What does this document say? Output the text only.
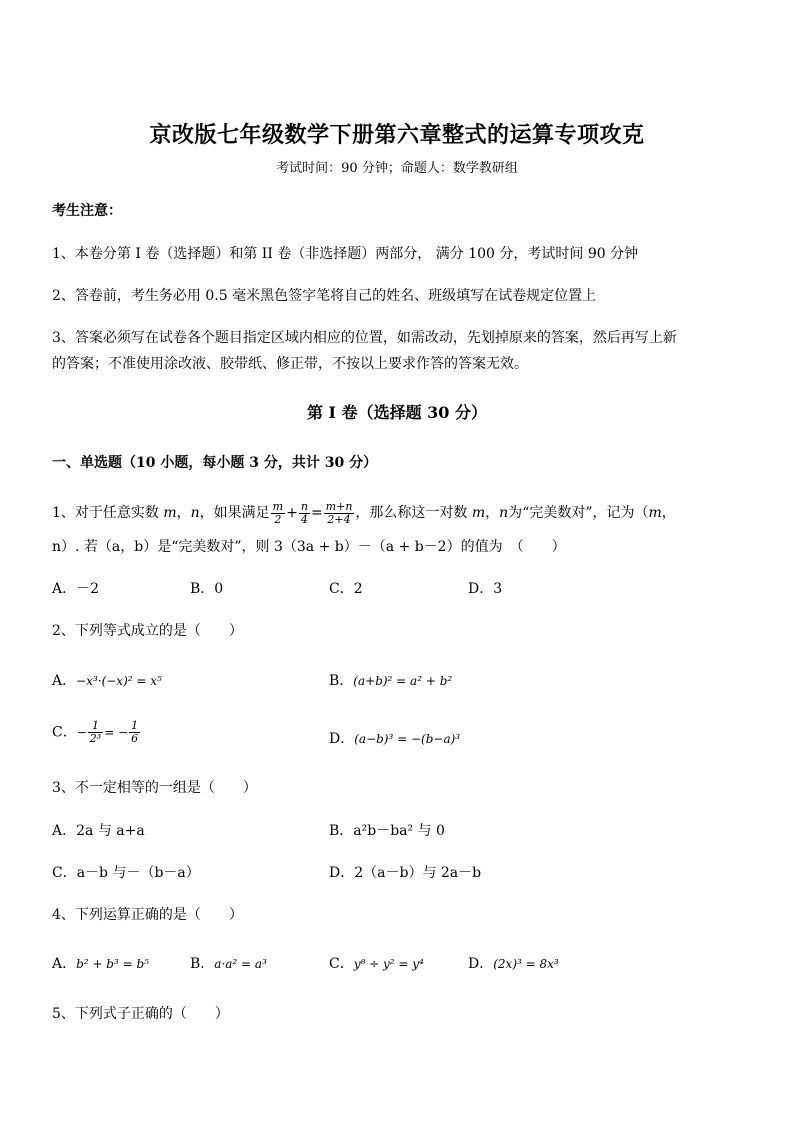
京改版七年级数学下册第六章整式的运算专项攻克
考试时间：90 分钟；命题人：数学教研组
考生注意：
1、本卷分第 I 卷（选择题）和第 II 卷（非选择题）两部分， 满分 100 分，考试时间 90 分钟
2、答卷前，考生务必用 0.5 毫米黑色签字笔将自己的姓名、班级填写在试卷规定位置上
3、答案必须写在试卷各个题目指定区域内相应的位置，如需改动，先划掉原来的答案，然后再写上新
的答案；不准使用涂改液、胶带纸、修正带，不按以上要求作答的答案无效。
第 I 卷（选择题 30 分）
一、单选题（10 小题，每小题 3 分，共计 30 分）
1、对于任意实数 m，n，如果满足 $\frac{m}{2} + \frac{n}{4} = \frac{m+n}{2+4}$ ，那么称这一对数 m，n为“完美数对”，记为（m，
n）. 若（a，b）是“完美数对”，则 3（3a + b）－（a + b－2）的值为　（　　）
A．－2	B．0	C．2	D．3
2、下列等式成立的是（　　）
A．−x³·(−x)² = x⁵	B．(a+b)² = a² + b²
C．− $\frac{1}{\text{2³}}$ = − $\frac{1}{6}$	D．(a−b)³ = −(b−a)³
3、不一定相等的一组是（　　）
A．2a 与 a+a	B．a²b－ba² 与 0
C．a－b 与－（b－a）	D．2（a－b）与 2a－b
4、下列运算正确的是（　　）
A．b² + b³ = b⁵	B．a·a² = a³	C．y⁸ ÷ y² = y⁴	D．(2x)³ = 8x³
5、下列式子正确的（　　）
